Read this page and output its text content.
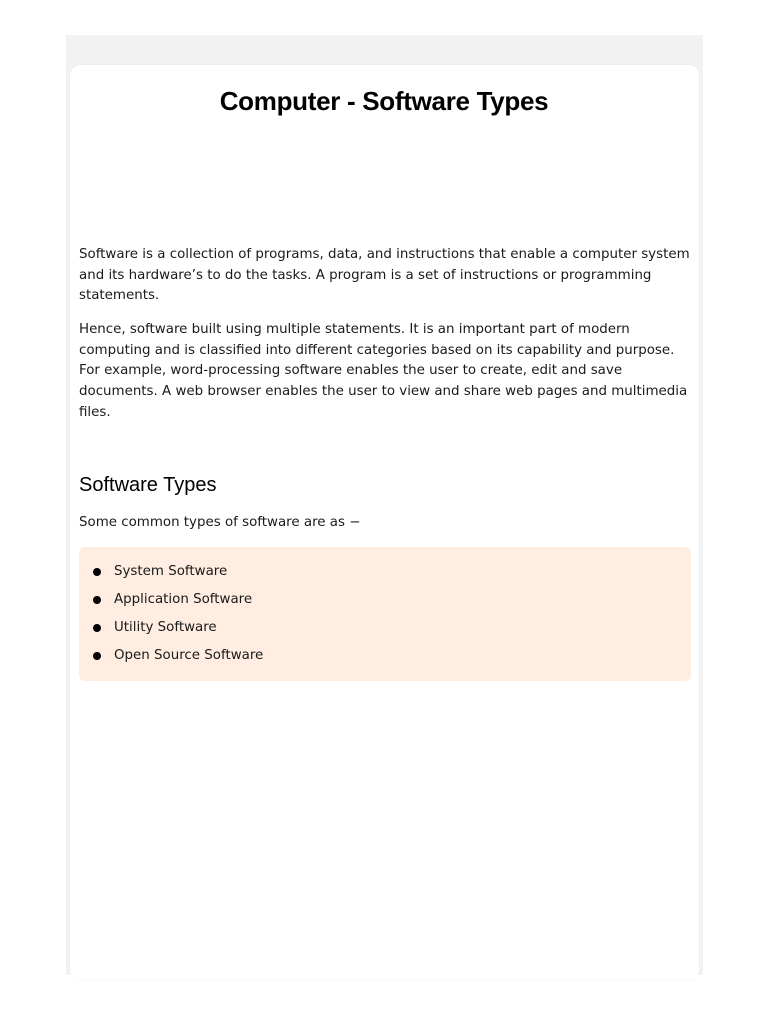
Computer - Software Types

Software is a collection of programs, data, and instructions that enable a computer system and its hardware’s to do the tasks. A program is a set of instructions or programming statements.

Hence, software built using multiple statements. It is an important part of modern computing and is classified into different categories based on its capability and purpose. For example, word-processing software enables the user to create, edit and save documents. A web browser enables the user to view and share web pages and multimedia files.

Software Types

Some common types of software are as −

System Software
Application Software
Utility Software
Open Source Software
